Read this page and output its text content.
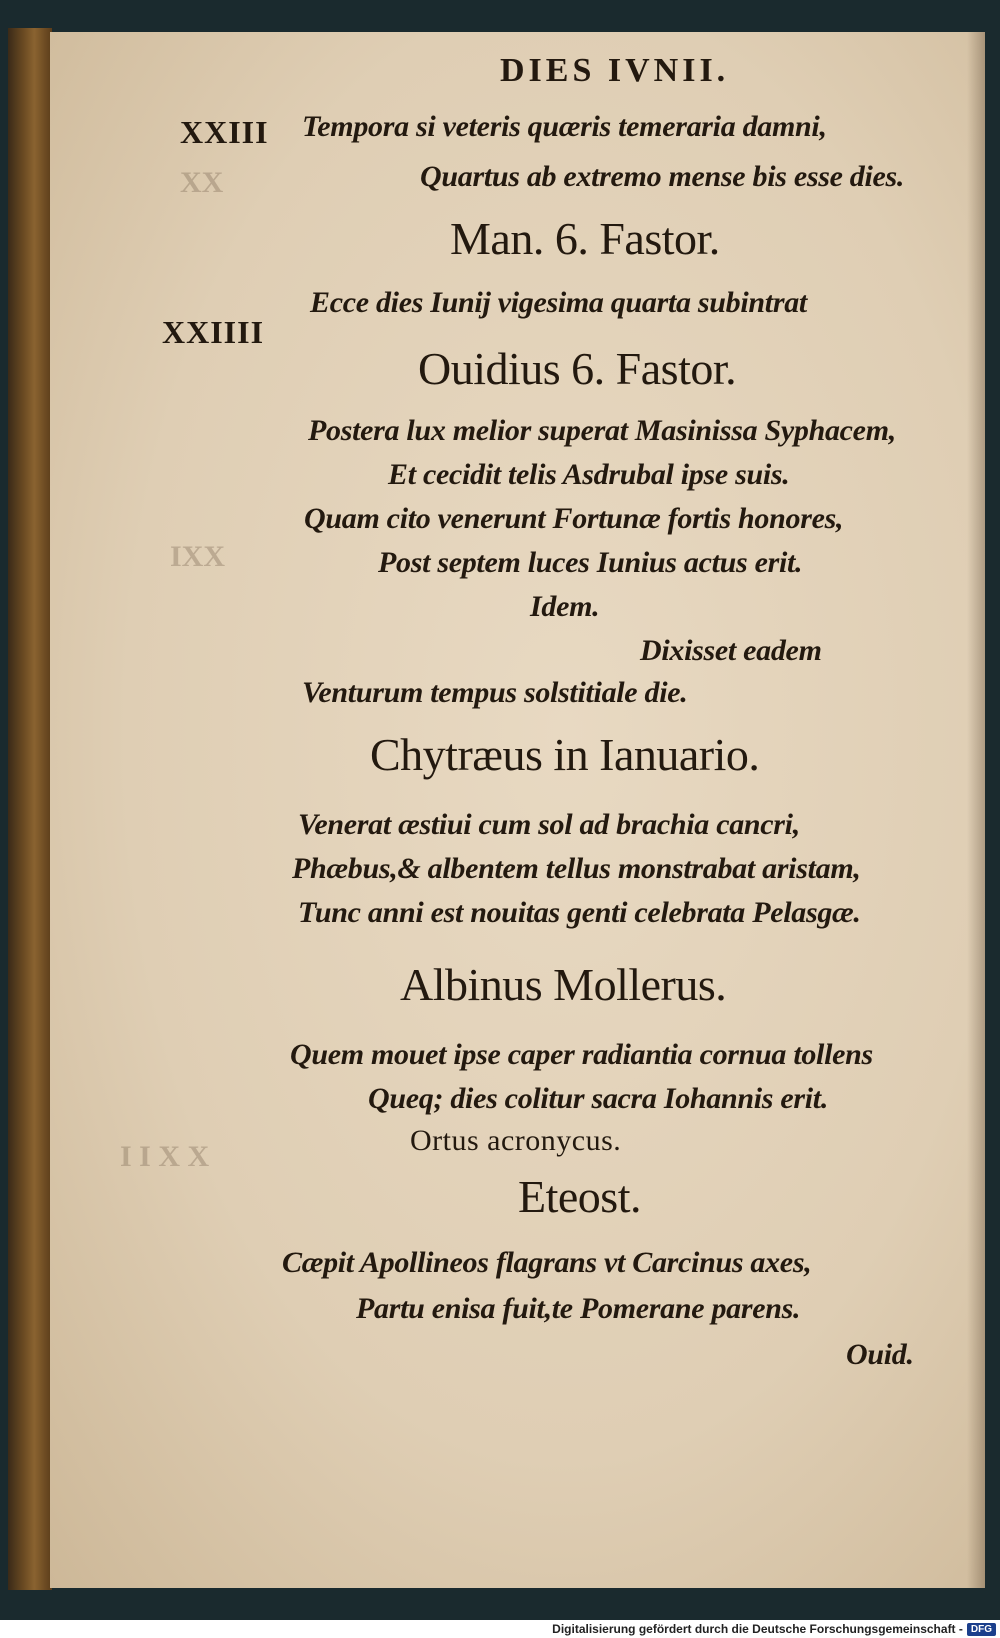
DIES IVNII.
XXIII
XX
Tempora si veteris quæris temeraria damni,
Quartus ab extremo mense bis esse dies.
Man. 6. Fastor.
XXIIII
Ecce dies Iunij vigesima quarta subintrat
Ouidius 6. Fastor.
Postera lux melior superat Masinissa Syphacem,
Et cecidit telis Asdrubal ipse suis.
Quam cito venerunt Fortunæ fortis honores,
IXX	Post septem luces Iunius actus erit.
Idem.
Dixisset eadem
Venturum tempus solstitiale die.
Chytræus in Ianuario.
Venerat æstiui cum sol ad brachia cancri,
Phæbus,& albentem tellus monstrabat aristam,
Tunc anni est nouitas genti celebrata Pelasgæ.
Albinus Mollerus.
Quem mouet ipse caper radiantia cornua tollens
Queq; dies colitur sacra Iohannis erit.
I I X X	Ortus acronycus.
Eteost.
Cæpit Apollineos flagrans vt Carcinus axes,
Partu enisa fuit,te Pomerane parens.
Ouid.
Digitalisierung gefördert durch die Deutsche Forschungsgemeinschaft - DFG
